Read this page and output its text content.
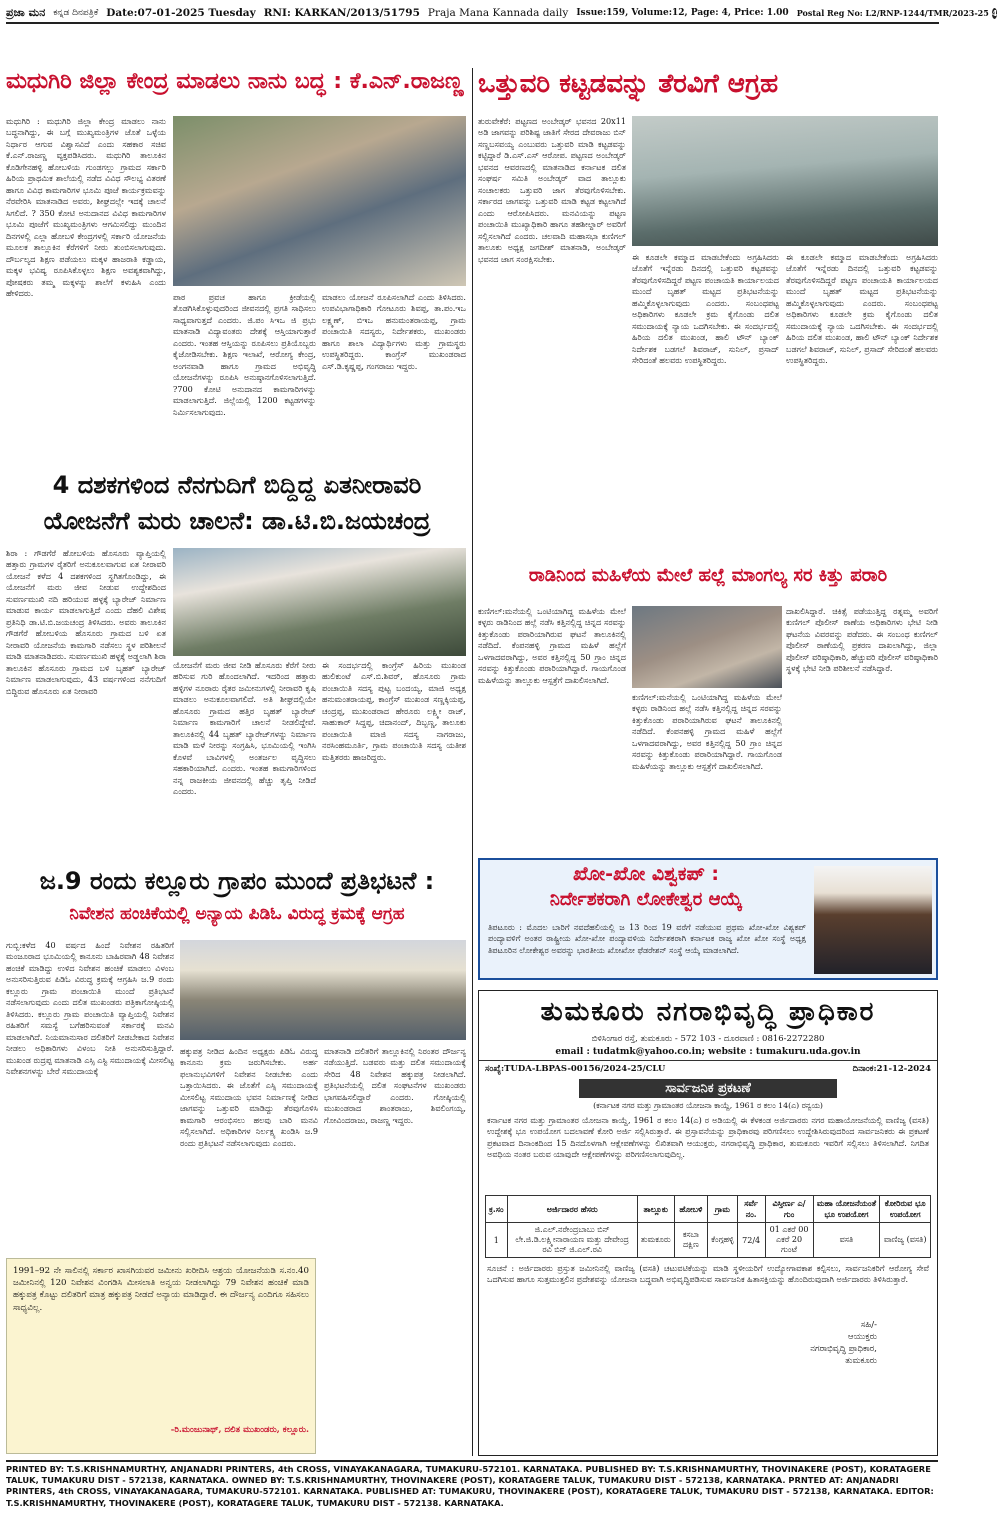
ಪ್ರಜಾ ಮನ ಕನ್ನಡ ದಿನಪತ್ರಿಕೆ Date:07-01-2025 Tuesday RNI: KARKAN/2013/51795 Praja Mana Kannada daily Issue:159, Volume:12, Page: 4, Price: 1.00 Postal Reg No: L2/RNP-1244/TMR/2023-25 4
ಮಧುಗಿರಿ ಜಿಲ್ಲಾ ಕೇಂದ್ರ ಮಾಡಲು ನಾನು ಬದ್ಧ : ಕೆ.ಎನ್.ರಾಜಣ್ಣ ಒತ್ತುವರಿ ಕಟ್ಟಡವನ್ನು ತೆರವಿಗೆ ಆಗ್ರಹ
ಮಧುಗಿರಿ : ಮಧುಗಿರಿ ಜಿಲ್ಲಾ ಕೇಂದ್ರ ಮಾಡಲು ನಾನು ಬದ್ಧನಾಗಿದ್ದು, ಈ ಬಗ್ಗೆ ಮುಖ್ಯಮಂತ್ರಿಗಳ ಜೊತೆ ಒಳ್ಳೆಯ ನಿರ್ಧಾರ ಆಗುವ ವಿಶ್ವಾಸವಿದೆ ಎಂದು ಸಹಕಾರ ಸಚಿವ ಕೆ.ಎನ್.ರಾಜಣ್ಣ ವ್ಯಕ್ತಪಡಿಸಿದರು. ಮಧುಗಿರಿ ತಾಲೂಕಿನ ಕೊಡಿಗೇನಹಳ್ಳಿ ಹೋಬಳಿಯ ಗುಂಡಗಲ್ಲು ಗ್ರಾಮದ ಸರ್ಕಾರಿ ಹಿರಿಯ ಪ್ರಾಥಮಿಕ ಶಾಲೆಯಲ್ಲಿ ನಡೆದ ವಿವಿಧ ಸೌಲಭ್ಯ ವಿತರಣೆ ಹಾಗೂ ವಿವಿಧ ಕಾಮಗಾರಿಗಳ ಭೂಮಿ ಪೂಜೆ ಕಾರ್ಯಕ್ರಮವನ್ನು ನೆರವೇರಿಸಿ ಮಾತನಾಡಿದ ಅವರು, ಶೀಘ್ರದಲ್ಲೇ ಇದಕ್ಕೆ ಚಾಲನೆ ಸಿಗಲಿದೆ. ? 350 ಕೋಟಿ ಅನುದಾನದ ವಿವಿಧ ಕಾಮಗಾರಿಗಳ ಭೂಮಿ ಪೂಜೆಗೆ ಮುಖ್ಯಮಂತ್ರಿಗಳು ಆಗಮಿಸಲಿದ್ದು ಮುಂದಿನ ದಿನಗಳಲ್ಲಿ ಎಲ್ಲಾ ಹೋಬಳಿ ಕೇಂದ್ರಗಳಲ್ಲಿ ಸರ್ಕಾರಿ ಯೋಜನೆಯ ಮೂಲಕ ತಾಲ್ಲೂಕಿನ ಕೆರೆಗಳಿಗೆ ನೀರು ತುಂಬಿಸಲಾಗುವುದು. ದೌರ್ಬಲ್ಯದ ಶಿಕ್ಷಣ ಪಡೆಯಲು ಮಕ್ಕಳ ಹಾಜರಾತಿ ಕಡ್ಡಾಯ, ಮಕ್ಕಳ ಭವಿಷ್ಯ ರೂಪಿಸಿಕೊಳ್ಳಲು ಶಿಕ್ಷಣ ಅವಶ್ಯಕವಾಗಿದ್ದು, ಪೋಷಕರು ತಮ್ಮ ಮಕ್ಕಳನ್ನು ಶಾಲೆಗೆ ಕಳುಹಿಸಿ ಎಂದು ಹೇಳಿದರು.	ಪಾಠ ಪ್ರವಚ ಹಾಗೂ ಕ್ರೀಡೆಯಲ್ಲಿ ತೊಡಗಿಸಿಕೊಳ್ಳುವುದರಿಂದ ಜೀವನದಲ್ಲಿ ಪ್ರಗತಿ ಸಾಧಿಸಲು ಸಾಧ್ಯವಾಗುತ್ತದೆ ಎಂದರು. ಜಿ.ಪಂ ಸಿಇಒ ಜಿ ಪ್ರಭು ಮಾತನಾಡಿ ವಿದ್ಯಾವಂತರು ದೇಶಕ್ಕೆ ಆಸ್ತಿಯಾಗುತ್ತಾರೆ ಎಂದರು. ಇಂತಹ ಆಸ್ತಿಯನ್ನು ರೂಪಿಸಲು ಪ್ರತಿಯೊಬ್ಬರು ಕೈಜೋಡಿಸಬೇಕು. ಶಿಕ್ಷಣ ಇಲಾಖೆ, ಆರೋಗ್ಯ ಕೇಂದ್ರ, ಅಂಗನವಾಡಿ ಹಾಗೂ ಗ್ರಾಮದ ಅಭಿವೃದ್ಧಿ ಯೋಜನೆಗಳನ್ನು ರೂಪಿಸಿ ಅನುಷ್ಠಾನಗೊಳಿಸಲಾಗುತ್ತಿದೆ. ?700 ಕೋಟಿ ಅನುದಾನದ ಕಾಮಗಾರಿಗಳನ್ನು ಮಾಡಲಾಗುತ್ತಿದೆ. ಜಿಲ್ಲೆಯಲ್ಲಿ 1200 ಕಟ್ಟಡಗಳನ್ನು ನಿರ್ಮಿಸಲಾಗುವುದು.
ಮಾಡಲು ಯೋಜನೆ ರೂಪಿಸಲಾಗಿದೆ ಎಂದು ತಿಳಿಸಿದರು. ಉಪವಿಭಾಗಾಧಿಕಾರಿ ಗೋಟೂರು ಶಿವಪ್ಪ, ತಾ.ಪಂ.ಇಒ ಲಕ್ಷ್ಮಣ್, ಬಿಇಒ ಹನುಮಂತರಾಯಪ್ಪ, ಗ್ರಾಮ ಪಂಚಾಯಿತಿ ಸದಸ್ಯರು, ನಿರ್ದೇಶಕರು, ಮುಖಂಡರು ಹಾಗೂ ಶಾಲಾ ವಿದ್ಯಾರ್ಥಿಗಳು ಮತ್ತು ಗ್ರಾಮಸ್ಥರು ಉಪಸ್ಥಿತರಿದ್ದರು. ಕಾಂಗ್ರೆಸ್ ಮುಖಂಡರಾದ ಎಸ್.ಡಿ.ಕೃಷ್ಣಪ್ಪ, ಗಂಗರಾಜು ಇದ್ದರು.
4 ದಶಕಗಳಿಂದ ನೆನಗುದಿಗೆ ಬಿದ್ದಿದ್ದ ಏತನೀರಾವರಿ
ಯೋಜನೆಗೆ ಮರು ಚಾಲನೆ: ಡಾ.ಟಿ.ಬಿ.ಜಯಚಂದ್ರ
ಶಿರಾ : ಗೌಡಗೆರೆ ಹೋಬಳಿಯ ಹೊಸೂರು ವ್ಯಾಪ್ತಿಯಲ್ಲಿ ಹತ್ತಾರು ಗ್ರಾಮಗಳ ರೈತರಿಗೆ ಅನುಕೂಲವಾಗುವ ಏತ ನೀರಾವರಿ ಯೋಜನೆ ಕಳೆದ 4 ದಶಕಗಳಿಂದ ಸ್ಥಗಿತಗೊಂಡಿದ್ದು, ಈ ಯೋಜನೆಗೆ ಮರು ಜೀವ ನೀಡುವ ಉದ್ದೇಶದಿಂದ ಸುವರ್ಣಮುಖಿ ನದಿ ಹರಿಯುವ ಹಳ್ಳಕ್ಕೆ ಬ್ಯಾರೇಜ್ ನಿರ್ಮಾಣ ಮಾಡುವ ಕಾರ್ಯ ಮಾಡಲಾಗುತ್ತಿದೆ ಎಂದು ದೆಹಲಿ ವಿಶೇಷ ಪ್ರತಿನಿಧಿ ಡಾ.ಟಿ.ಬಿ.ಜಯಚಂದ್ರ ತಿಳಿಸಿದರು. ಅವರು ತಾಲೂಕಿನ ಗೌಡಗೆರೆ ಹೋಬಳಿಯ ಹೊಸೂರು ಗ್ರಾಮದ ಬಳಿ ಏತ ನೀರಾವರಿ ಯೋಜನೆಯ ಕಾಮಗಾರಿ ನಡೆಸಲು ಸ್ಥಳ ಪರಿಶೀಲನೆ ಮಾಡಿ ಮಾತನಾಡಿದರು. ಸುವರ್ಣಮುಖಿ ಹಳ್ಳಕ್ಕೆ ಅಡ್ಡಲಾಗಿ ಶಿರಾ ತಾಲೂಕಿನ ಹೊಸೂರು ಗ್ರಾಮದ ಬಳಿ ಬೃಹತ್ ಬ್ಯಾರೇಜ್ ನಿರ್ಮಾಣ ಮಾಡಲಾಗುವುದು, 43 ವರ್ಷಗಳಿಂದ ನನೆಗುದಿಗೆ ಬಿದ್ದಿರುವ ಹೊಸೂರು ಏತ ನೀರಾವರಿ
ಯೋಜನೆಗೆ ಮರು ಜೀವ ನೀಡಿ ಹೊಸೂರು ಕೆರೆಗೆ ನೀರು ಹರಿಸುವ ಗುರಿ ಹೊಂದಲಾಗಿದೆ. ಇದರಿಂದ ಹತ್ತಾರು ಹಳ್ಳಿಗಳ ನೂರಾರು ರೈತರ ಜಮೀನುಗಳಲ್ಲಿ ನೀರಾವರಿ ಕೃಷಿ ಮಾಡಲು ಅನುಕೂಲವಾಗಲಿದೆ. ಅತಿ ಶೀಘ್ರದಲ್ಲಿಯೇ ಹೊಸೂರು ಗ್ರಾಮದ ಹತ್ತಿರ ಬೃಹತ್ ಬ್ಯಾರೇಜ್ ನಿರ್ಮಾಣ ಕಾಮಗಾರಿಗೆ ಚಾಲನೆ ನೀಡಲಿದ್ದೇವೆ. ತಾಲೂಕಿನಲ್ಲಿ 44 ಬೃಹತ್ ಬ್ಯಾರೇಜ್‌ಗಳನ್ನು ನಿರ್ಮಾಣ ಮಾಡಿ ಮಳೆ ನೀರನ್ನು ಸಂಗ್ರಹಿಸಿ, ಭೂಮಿಯಲ್ಲಿ ಇಂಗಿಸಿ ಕೊಳವೆ ಬಾವಿಗಳಲ್ಲಿ ಅಂತರ್ಜಲ ವೃದ್ಧಿಸಲು ಸಹಕಾರಿಯಾಗಿದೆ. ಎಂದರು. ಇಂತಹ ಕಾಮಗಾರಿಗಳಿಂದ ನನ್ನ ರಾಜಕೀಯ ಜೀವನದಲ್ಲಿ ಹೆಚ್ಚು ತೃಪ್ತಿ ನೀಡಿದೆ ಎಂದರು.
ಈ ಸಂದರ್ಭದಲ್ಲಿ ಕಾಂಗ್ರೆಸ್ ಹಿರಿಯ ಮುಖಂಡ ಹುಲಿಕುಂಟೆ ಎಸ್.ಬಿ.ಶಿವರ್, ಹೊಸೂರು ಗ್ರಾಮ ಪಂಚಾಯಿತಿ ಸದಸ್ಯ ಪುಟ್ಟ ಬಂದಯ್ಯ, ಮಾಜಿ ಅಧ್ಯಕ್ಷ ಹನುಮಂತರಾಯಪ್ಪ, ಕಾಂಗ್ರೆಸ್ ಮುಖಂಡ ಸಣ್ಣಕ್ಕಿಯಪ್ಪ, ಚಂದ್ರಪ್ಪ, ಮುಖಂಡರಾದ ಹೇರೂರು ಲಕ್ಷ್ಮೀ ರಾಜ್, ಸಾಹುಕಾರ್ ಸಿದ್ದಪ್ಪ, ಚಿದಾನಂದ್, ದಿಬ್ಬಣ್ಣ, ತಾಲೂಕು ಪಂಚಾಯಿತಿ ಮಾಜಿ ಸದಸ್ಯ ನಾಗರಾಜು, ನರಸಿಂಹಮೂರ್ತಿ, ಗ್ರಾಮ ಪಂಚಾಯಿತಿ ಸದಸ್ಯ ಯತೀಶ ಮತ್ತಿತರರು ಹಾಜರಿದ್ದರು.
ಜ.9 ರಂದು ಕಲ್ಲೂರು ಗ್ರಾಪಂ ಮುಂದೆ ಪ್ರತಿಭಟನೆ :
ನಿವೇಶನ ಹಂಚಿಕೆಯಲ್ಲಿ ಅನ್ಯಾಯ ಪಿಡಿಓ ವಿರುದ್ಧ ಕ್ರಮಕ್ಕೆ ಆಗ್ರಹ
ಗುಬ್ಬಿ:ಕಳೆದ 40 ವರ್ಷದ ಹಿಂದೆ ನಿವೇಶನ ರಹಿತರಿಗೆ ಮಂಜೂರಾದ ಭೂಮಿಯಲ್ಲಿ ಕಾನೂನು ಬಾಹಿರವಾಗಿ 48 ನಿವೇಶನ ಹಂಚಿಕೆ ಮಾಡಿದ್ದು ಉಳಿದ ನಿವೇಶನ ಹಂಚಿಕೆ ಮಾಡಲು ವಿಳಂಬ ಅನುಸರಿಸುತ್ತಿರುವ ಪಿಡಿಓ ವಿರುದ್ಧ ಕ್ರಮಕ್ಕೆ ಆಗ್ರಹಿಸಿ ಜ.9 ರಂದು ಕಲ್ಲೂರು ಗ್ರಾಮ ಪಂಚಾಯಿತಿ ಮುಂದೆ ಪ್ರತಿಭಟನೆ ನಡೆಸಲಾಗುವುದು ಎಂದು ದಲಿತ ಮುಖಂಡರು ಪತ್ರಿಕಾಗೋಷ್ಠಿಯಲ್ಲಿ ತಿಳಿಸಿದರು. ಕಲ್ಲೂರು ಗ್ರಾಮ ಪಂಚಾಯಿತಿ ವ್ಯಾಪ್ತಿಯಲ್ಲಿ ನಿವೇಶನ ರಹಿತರಿಗೆ ಸಮಸ್ಯೆ ಬಗೆಹರಿಸುವಂತೆ ಸರ್ಕಾರಕ್ಕೆ ಮನವಿ ಮಾಡಲಾಗಿದೆ. ನಿಯಮಾನುಸಾರ ದಲಿತರಿಗೆ ನೀಡಬೇಕಾದ ನಿವೇಶನ ನೀಡಲು ಅಧಿಕಾರಿಗಳು ವಿಳಂಬ ನೀತಿ ಅನುಸರಿಸುತ್ತಿದ್ದಾರೆ. ಮುಖಂಡ ರುದ್ರಪ್ಪ ಮಾತನಾಡಿ ಎಸ್ಸಿ ಎಸ್ಟಿ ಸಮುದಾಯಕ್ಕೆ ಮೀಸಲಿಟ್ಟ ನಿವೇಶನಗಳನ್ನು ಬೇರೆ ಸಮುದಾಯಕ್ಕೆ
ಹಕ್ಕುಪತ್ರ ನೀಡಿದ ಹಿಂದಿನ ಅಧ್ಯಕ್ಷರು ಪಿಡಿಓ ವಿರುದ್ಧ ಕಾನೂನು ಕ್ರಮ ಜರುಗಿಸಬೇಕು. ಅರ್ಹ ಫಲಾನುಭವಿಗಳಿಗೆ ನಿವೇಶನ ನೀಡಬೇಕು ಎಂದು ಒತ್ತಾಯಿಸಿದರು. ಈ ಜೊತೆಗೆ ಎಸ್ಸಿ ಸಮುದಾಯಕ್ಕೆ ಮೀಸಲಿಟ್ಟ ಸಮುದಾಯ ಭವನ ನಿರ್ಮಾಣಕ್ಕೆ ನೀಡಿದ ಜಾಗವನ್ನು ಒತ್ತುವರಿ ಮಾಡಿದ್ದು ತೆರವುಗೊಳಿಸಿ ಕಾಮಗಾರಿ ಆರಂಭಿಸಲು ಹಲವು ಬಾರಿ ಮನವಿ ಸಲ್ಲಿಸಲಾಗಿದೆ. ಅಧಿಕಾರಿಗಳ ನಿರ್ಲಕ್ಷ್ಯ ಖಂಡಿಸಿ ಜ.9 ರಂದು ಪ್ರತಿಭಟನೆ ನಡೆಸಲಾಗುವುದು ಎಂದರು.
ಮಾತನಾಡಿ ದಲಿತರಿಗೆ ತಾಲ್ಲೂಕಿನಲ್ಲಿ ನಿರಂತರ ದೌರ್ಜನ್ಯ ನಡೆಯುತ್ತಿದೆ. ಬಡವರು ಮತ್ತು ದಲಿತ ಸಮುದಾಯಕ್ಕೆ ಸೇರಿದ 48 ನಿವೇಶನ ಹಕ್ಕುಪತ್ರ ನೀಡಲಾಗಿದೆ. ಪ್ರತಿಭಟನೆಯಲ್ಲಿ ದಲಿತ ಸಂಘಟನೆಗಳ ಮುಖಂಡರು ಭಾಗವಹಿಸಲಿದ್ದಾರೆ ಎಂದರು. ಗೋಷ್ಠಿಯಲ್ಲಿ ಮುಖಂಡರಾದ ಶಾಂತರಾಜು, ಶಿವಲಿಂಗಯ್ಯ, ಗೋವಿಂದರಾಜು, ರಾಜಣ್ಣ ಇದ್ದರು.
1991–92 ನೇ ಸಾಲಿನಲ್ಲಿ ಸರ್ಕಾರ ಖಾಸಗಿಯವರ ಜಮೀನು ಖರೀದಿಸಿ ಆಶ್ರಯ ಯೋಜನೆಯಡಿ ಸ.ನಂ.40 ಜಮೀನಿನಲ್ಲಿ 120 ನಿವೇಶನ ವಿಂಗಡಿಸಿ ಮೀಸಲಾತಿ ಅನ್ವಯ ನೀಡಲಾಗಿದ್ದು 79 ನಿವೇಶನ ಹಂಚಿಕೆ ಮಾಡಿ ಹಕ್ಕುಪತ್ರ ಕೊಟ್ಟು ದಲಿತರಿಗೆ ಮಾತ್ರ ಹಕ್ಕುಪತ್ರ ನೀಡದೆ ಅನ್ಯಾಯ ಮಾಡಿದ್ದಾರೆ. ಈ ದೌರ್ಜನ್ಯ ಎಂದಿಗೂ ಸಹಿಸಲು ಸಾಧ್ಯವಿಲ್ಲ.
-ರಿ.ಮಂಜುನಾಥ್, ದಲಿತ ಮುಖಂಡರು, ಕಲ್ಲೂರು.
ತುರುವೇಕೆರೆ: ಪಟ್ಟಣದ ಅಂಬೇಡ್ಕರ್ ಭವನದ 20x11 ಅಡಿ ಜಾಗವನ್ನು ಪರಿಶಿಷ್ಟ ಜಾತಿಗೆ ಸೇರದ ದೇವರಾಜು ಬಿನ್ ಸಣ್ಣಬಸವಯ್ಯ ಎಂಬುವರು ಒತ್ತುವರಿ ಮಾಡಿ ಕಟ್ಟಡವನ್ನು ಕಟ್ಟಿದ್ದಾರೆ ಡಿ.ಎಸ್.ಎಸ್ ಆರೋಪ. ಪಟ್ಟಣದ ಅಂಬೇಡ್ಕರ್ ಭವನದ ಆವರಣದಲ್ಲಿ ಮಾತನಾಡಿದ ಕರ್ನಾಟಕ ದಲಿತ ಸಂಘರ್ಷ ಸಮಿತಿ ಅಂಬೇಡ್ಕರ್ ವಾದ ತಾಲ್ಲೂಕು ಸಂಚಾಲಕರು ಒತ್ತುವರಿ ಜಾಗ ತೆರವುಗೊಳಿಸಬೇಕು. ಸರ್ಕಾರದ ಜಾಗವನ್ನು ಒತ್ತುವರಿ ಮಾಡಿ ಕಟ್ಟಡ ಕಟ್ಟಲಾಗಿದೆ ಎಂದು ಆರೋಪಿಸಿದರು. ಮನವಿಯನ್ನು ಪಟ್ಟಣ ಪಂಚಾಯಿತಿ ಮುಖ್ಯಾಧಿಕಾರಿ ಹಾಗೂ ತಹಶೀಲ್ದಾರ್ ಅವರಿಗೆ ಸಲ್ಲಿಸಲಾಗಿದೆ ಎಂದರು. ಚಲವಾದಿ ಮಹಾಸಭಾ ಕುಣಿಗಲ್ ತಾಲೂಕು ಅಧ್ಯಕ್ಷ ಜಗದೀಶ್ ಮಾತನಾಡಿ, ಅಂಬೇಡ್ಕರ್ ಭವನದ ಜಾಗ ಸಂರಕ್ಷಿಸಬೇಕು.	ಈ ಕೂಡಲೇ ಕಮ್ಮಾದ ಮಾಡಬೇಕೆಂದು ಅಗ್ರಹಿಸಿದರು ಜೊತೆಗೆ ಇನ್ನೆರಡು ದಿನದಲ್ಲಿ ಒತ್ತುವರಿ ಕಟ್ಟಡವನ್ನು ತೆರವುಗೊಳಿಸದಿದ್ದರೆ ಪಟ್ಟಣ ಪಂಚಾಯತಿ ಕಾರ್ಯಾಲಯದ ಮುಂದೆ ಬೃಹತ್ ಮಟ್ಟದ ಪ್ರತಿಭಟನೆಯನ್ನು ಹಮ್ಮಿಕೊಳ್ಳಲಾಗುವುದು ಎಂದರು. ಸಂಬಂಧಪಟ್ಟ ಅಧಿಕಾರಿಗಳು ಕೂಡಲೇ ಕ್ರಮ ಕೈಗೊಂಡು ದಲಿತ ಸಮುದಾಯಕ್ಕೆ ನ್ಯಾಯ ಒದಗಿಸಬೇಕು. ಈ ಸಂದರ್ಭದಲ್ಲಿ ಹಿರಿಯ ದಲಿತ ಮುಖಂಡ, ಹಾಲಿ ಟೌನ್ ಬ್ಯಾಂಕ್ ನಿರ್ದೇಶಕ ಬಡಗಲೆ ಶಿವರಾಜ್, ಸುನಿಲ್, ಪ್ರಸಾದ್ ಸೇರಿದಂತೆ ಹಲವರು ಉಪಸ್ಥಿತರಿದ್ದರು.
ಈ ಕೂಡಲೇ ಕಮ್ಮಾದ ಮಾಡಬೇಕೆಂದು ಅಗ್ರಹಿಸಿದರು ಜೊತೆಗೆ ಇನ್ನೆರಡು ದಿನದಲ್ಲಿ ಒತ್ತುವರಿ ಕಟ್ಟಡವನ್ನು ತೆರವುಗೊಳಿಸದಿದ್ದರೆ ಪಟ್ಟಣ ಪಂಚಾಯತಿ ಕಾರ್ಯಾಲಯದ ಮುಂದೆ ಬೃಹತ್ ಮಟ್ಟದ ಪ್ರತಿಭಟನೆಯನ್ನು ಹಮ್ಮಿಕೊಳ್ಳಲಾಗುವುದು ಎಂದರು. ಸಂಬಂಧಪಟ್ಟ ಅಧಿಕಾರಿಗಳು ಕೂಡಲೇ ಕ್ರಮ ಕೈಗೊಂಡು ದಲಿತ ಸಮುದಾಯಕ್ಕೆ ನ್ಯಾಯ ಒದಗಿಸಬೇಕು. ಈ ಸಂದರ್ಭದಲ್ಲಿ ಹಿರಿಯ ದಲಿತ ಮುಖಂಡ, ಹಾಲಿ ಟೌನ್ ಬ್ಯಾಂಕ್ ನಿರ್ದೇಶಕ ಬಡಗಲೆ ಶಿವರಾಜ್, ಸುನಿಲ್, ಪ್ರಸಾದ್ ಸೇರಿದಂತೆ ಹಲವರು ಉಪಸ್ಥಿತರಿದ್ದರು.
ರಾಡಿನಿಂದ ಮಹಿಳೆಯ ಮೇಲೆ ಹಲ್ಲೆ ಮಾಂಗಲ್ಯ ಸರ ಕಿತ್ತು ಪರಾರಿ
ಕುಣಿಗಲ್:ಮನೆಯಲ್ಲಿ ಒಂಟಿಯಾಗಿದ್ದ ಮಹಿಳೆಯ ಮೇಲೆ ಕಳ್ಳರು ರಾಡಿನಿಂದ ಹಲ್ಲೆ ನಡೆಸಿ ಕತ್ತಿನಲ್ಲಿದ್ದ ಚಿನ್ನದ ಸರವನ್ನು ಕಿತ್ತುಕೊಂಡು ಪರಾರಿಯಾಗಿರುವ ಘಟನೆ ತಾಲೂಕಿನಲ್ಲಿ ನಡೆದಿದೆ. ಕೆಂಪನಹಳ್ಳಿ ಗ್ರಾಮದ ಮಹಿಳೆ ಹಲ್ಲೆಗೆ ಒಳಗಾದವರಾಗಿದ್ದು, ಅವರ ಕತ್ತಿನಲ್ಲಿದ್ದ 50 ಗ್ರಾಂ ಚಿನ್ನದ ಸರವನ್ನು ಕಿತ್ತುಕೊಂಡು ಪರಾರಿಯಾಗಿದ್ದಾರೆ. ಗಾಯಗೊಂಡ ಮಹಿಳೆಯನ್ನು ತಾಲ್ಲೂಕು ಆಸ್ಪತ್ರೆಗೆ ದಾಖಲಿಸಲಾಗಿದೆ.
ದಾಖಲಿಸಿದ್ದಾರೆ. ಚಿಕಿತ್ಸೆ ಪಡೆಯುತ್ತಿದ್ದ ರತ್ನಮ್ಮ ಅವರಿಗೆ ಕುಣಿಗಲ್ ಪೊಲೀಸ್ ಠಾಣೆಯ ಅಧಿಕಾರಿಗಳು ಭೇಟಿ ನೀಡಿ ಘಟನೆಯ ವಿವರವನ್ನು ಪಡೆದರು. ಈ ಸಂಬಂಧ ಕುಣಿಗಲ್ ಪೊಲೀಸ್ ಠಾಣೆಯಲ್ಲಿ ಪ್ರಕರಣ ದಾಖಲಾಗಿದ್ದು, ಜಿಲ್ಲಾ ಪೊಲೀಸ್ ವರಿಷ್ಠಾಧಿಕಾರಿ, ಹೆಚ್ಚುವರಿ ಪೊಲೀಸ್ ವರಿಷ್ಠಾಧಿಕಾರಿ ಸ್ಥಳಕ್ಕೆ ಭೇಟಿ ನೀಡಿ ಪರಿಶೀಲನೆ ನಡೆಸಿದ್ದಾರೆ.
ಕುಣಿಗಲ್:ಮನೆಯಲ್ಲಿ ಒಂಟಿಯಾಗಿದ್ದ ಮಹಿಳೆಯ ಮೇಲೆ ಕಳ್ಳರು ರಾಡಿನಿಂದ ಹಲ್ಲೆ ನಡೆಸಿ ಕತ್ತಿನಲ್ಲಿದ್ದ ಚಿನ್ನದ ಸರವನ್ನು ಕಿತ್ತುಕೊಂಡು ಪರಾರಿಯಾಗಿರುವ ಘಟನೆ ತಾಲೂಕಿನಲ್ಲಿ ನಡೆದಿದೆ. ಕೆಂಪನಹಳ್ಳಿ ಗ್ರಾಮದ ಮಹಿಳೆ ಹಲ್ಲೆಗೆ ಒಳಗಾದವರಾಗಿದ್ದು, ಅವರ ಕತ್ತಿನಲ್ಲಿದ್ದ 50 ಗ್ರಾಂ ಚಿನ್ನದ ಸರವನ್ನು ಕಿತ್ತುಕೊಂಡು ಪರಾರಿಯಾಗಿದ್ದಾರೆ. ಗಾಯಗೊಂಡ ಮಹಿಳೆಯನ್ನು ತಾಲ್ಲೂಕು ಆಸ್ಪತ್ರೆಗೆ ದಾಖಲಿಸಲಾಗಿದೆ.
ಖೋ-ಖೋ ವಿಶ್ವಕಪ್ :
ನಿರ್ದೇಶಕರಾಗಿ ಲೋಕೇಶ್ವರ ಆಯ್ಕೆ
ತಿಪಟೂರು : ಮೊದಲ ಬಾರಿಗೆ ನವದೆಹಲಿಯಲ್ಲಿ ಜ 13 ರಿಂದ 19 ವರೆಗೆ ನಡೆಯುವ ಪ್ರಥಮ ಖೋ-ಖೋ ವಿಶ್ವಕಪ್ ಪಂದ್ಯಾವಳಿಗೆ ಅಂತರ ರಾಷ್ಟ್ರೀಯ ಖೋ-ಖೋ ಪಂದ್ಯಾವಳಿಯ ನಿರ್ದೇಶಕರಾಗಿ ಕರ್ನಾಟಕ ರಾಜ್ಯ ಖೋ ಖೋ ಸಂಸ್ಥೆ ಅಧ್ಯಕ್ಷ ತಿಪಟೂರಿನ ಲೋಕೇಶ್ವರ ಅವರನ್ನು ಭಾರತೀಯ ಖೋಖೋ ಫೆಡರೇಶನ್ ಸಂಸ್ಥೆ ಆಯ್ಕೆ ಮಾಡಲಾಗಿದೆ.
ತುಮಕೂರು ನಗರಾಭಿವೃದ್ಧಿ ಪ್ರಾಧಿಕಾರ
ಬಿಳಿಸಿಂಗಾರ ರಸ್ತೆ, ತುಮಕೂರು - 572 103 - ದೂರವಾಣಿ : 0816-2272280
email : tudatmk@yahoo.co.in; website : tumakuru.uda.gov.in
ಸಂಖ್ಯೆ:TUDA-LBPAS-00156/2024-25/CLU	ದಿನಾಂಕ:21-12-2024
ಸಾರ್ವಜನಿಕ ಪ್ರಕಟಣೆ
(ಕರ್ನಾಟಕ ನಗರ ಮತ್ತು ಗ್ರಾಮಾಂತರ ಯೋಜನಾ ಕಾಯ್ದೆ, 1961 ರ ಕಲಂ 14(ಎ) ರನ್ವಯ)
ಕರ್ನಾಟಕ ನಗರ ಮತ್ತು ಗ್ರಾಮಾಂತರ ಯೋಜನಾ ಕಾಯ್ದೆ, 1961 ರ ಕಲಂ 14(ಎ) ರ ಅಡಿಯಲ್ಲಿ ಈ ಕೆಳಕಂಡ ಅರ್ಜಿದಾರರು ನಗರ ಮಹಾಯೋಜನೆಯಲ್ಲಿ ವಾಣಿಜ್ಯ (ವಸತಿ) ಉದ್ದೇಶಕ್ಕೆ ಭೂ ಉಪಯೋಗ ಬದಲಾವಣೆ ಕೋರಿ ಅರ್ಜಿ ಸಲ್ಲಿಸಿರುತ್ತಾರೆ. ಈ ಪ್ರಸ್ತಾವನೆಯನ್ನು ಪ್ರಾಧಿಕಾರವು ಪರಿಗಣಿಸಲು ಉದ್ದೇಶಿಸಿರುವುದರಿಂದ ಸಾರ್ವಜನಿಕರು ಈ ಪ್ರಕಟಣೆ ಪ್ರಕಟವಾದ ದಿನಾಂಕದಿಂದ 15 ದಿನದೊಳಗಾಗಿ ಆಕ್ಷೇಪಣೆಗಳನ್ನು ಲಿಖಿತವಾಗಿ ಆಯುಕ್ತರು, ನಗರಾಭಿವೃದ್ಧಿ ಪ್ರಾಧಿಕಾರ, ತುಮಕೂರು ಇವರಿಗೆ ಸಲ್ಲಿಸಲು ತಿಳಿಸಲಾಗಿದೆ. ನಿಗದಿತ ಅವಧಿಯ ನಂತರ ಬರುವ ಯಾವುದೇ ಆಕ್ಷೇಪಣೆಗಳನ್ನು ಪರಿಗಣಿಸಲಾಗುವುದಿಲ್ಲ.
ಕ್ರ.ಸಂ	ಅರ್ಜಿದಾರರ ಹೆಸರು	ತಾಲ್ಲೂಕು	ಹೋಬಳಿ	ಗ್ರಾಮ	ಸರ್ವೆ ನಂ.	ವಿಸ್ತೀರ್ಣ ಎ/ಗುಂ	ಮಹಾ ಯೋಜನೆಯಂತೆ ಭೂ ಉಪಯೋಗ	ಕೋರಿರುವ ಭೂ ಉಪಯೋಗ
1	ಜಿ.ಎಲ್.ನರೇಂದ್ರಬಾಬು ಬಿನ್ ಲೇ.ಜಿ.ಡಿ.ಲಕ್ಷ್ಮೀನಾರಾಯಣ ಮತ್ತು ದೇವೇಂದ್ರ ರವಿ ಬಿನ್ ಜಿ.ಎಲ್.ರವಿ	ತುಮಕೂರು	ಕಸಬಾ ದಕ್ಷಿಣ	ಕೆಂಗ್ಗಹಳ್ಳಿ	72/4	01 ಎಕರೆ 00 ಎಕರೆ 20 ಗುಂಟೆ	ವಸತಿ	ವಾಣಿಜ್ಯ (ವಸತಿ)
ಸೂಚನೆ : ಅರ್ಜಿದಾರರು ಪ್ರಸ್ತುತ ಜಮೀನಿನಲ್ಲಿ ವಾಣಿಜ್ಯ (ವಸತಿ) ಚಟುವಟಿಕೆಯನ್ನು ಮಾಡಿ ಸ್ಥಳೀಯರಿಗೆ ಉದ್ಯೋಗಾವಕಾಶ ಕಲ್ಪಿಸಲು, ಸಾರ್ವಜನಿಕರಿಗೆ ಆರೋಗ್ಯ ಸೇವೆ ಒದಗಿಸುವ ಹಾಗೂ ಸುತ್ತಮುತ್ತಲಿನ ಪ್ರದೇಶವನ್ನು ಯೋಜನಾ ಬದ್ಧವಾಗಿ ಅಭಿವೃದ್ಧಿಪಡಿಸುವ ಸಾರ್ವಜನಿಕ ಹಿತಾಸಕ್ತಿಯನ್ನು ಹೊಂದಿರುವುದಾಗಿ ಅರ್ಜಿದಾರರು ತಿಳಿಸಿರುತ್ತಾರೆ.
ಸಹಿ/-
ಆಯುಕ್ತರು
ನಗರಾಭಿವೃದ್ಧಿ ಪ್ರಾಧಿಕಾರ,
ತುಮಕೂರು
PRINTED BY: T.S.KRISHNAMURTHY, ANJANADRI PRINTERS, 4th CROSS, VINAYAKANAGARA, TUMAKURU-572101. KARNATAKA. PUBLISHED BY: T.S.KRISHNAMURTHY, THOVINAKERE (POST), KORATAGERE TALUK, TUMAKURU DIST - 572138, KARNATAKA. OWNED BY: T.S.KRISHNAMURTHY, THOVINAKERE (POST), KORATAGERE TALUK, TUMAKURU DIST - 572138, KARNATAKA. PRNTED AT: ANJANADRI PRINTERS, 4th CROSS, VINAYAKANAGARA, TUMAKURU-572101. KARNATAKA. PUBLISHED AT: TUMAKURU, THOVINAKERE (POST), KORATAGERE TALUK, TUMAKURU DIST - 572138, KARNATAKA. EDITOR: T.S.KRISHNAMURTHY, THOVINAKERE (POST), KORATAGERE TALUK, TUMAKURU DIST - 572138. KARNATAKA.
